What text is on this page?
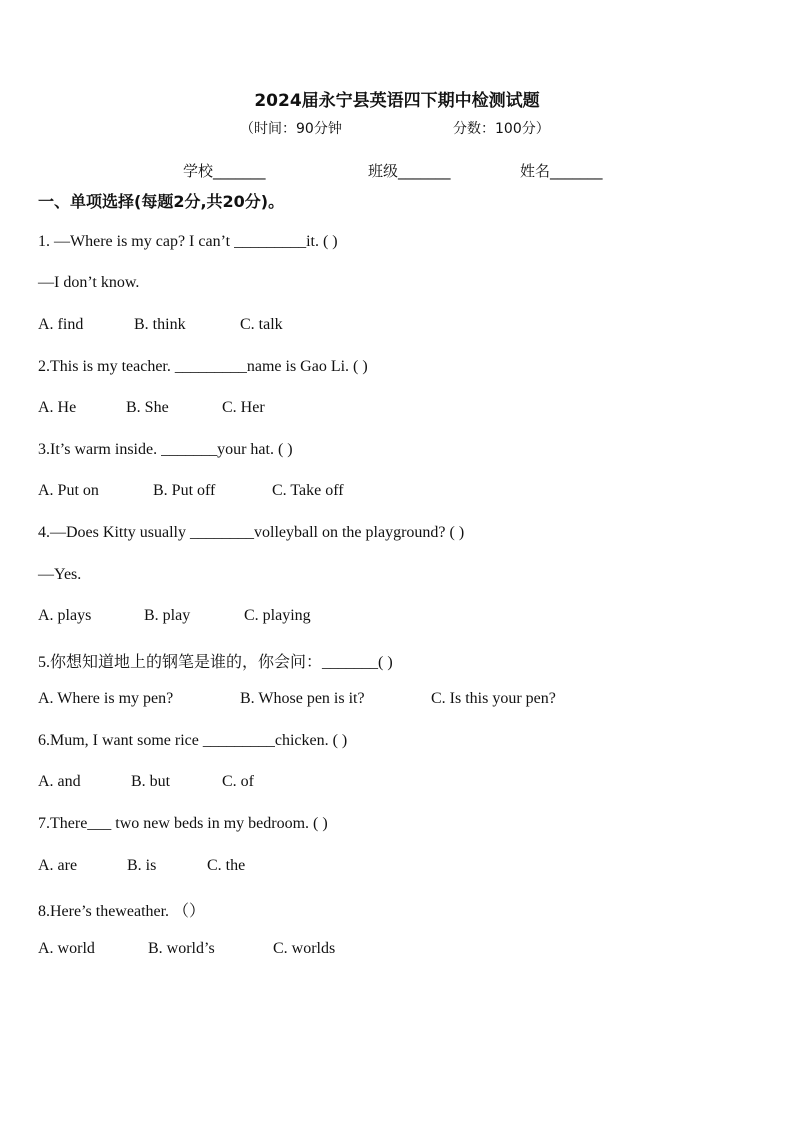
2024届永宁县英语四下期中检测试题
（时间：90分钟	分数：100分）
学校_______	班级_______	姓名_______
一、单项选择(每题2分,共20分)。
1. —Where is my cap? I can’t _________it. ( )
—I don’t know.
A. find	B. think	C. talk
2.This is my teacher. _________name is Gao Li. ( )
A. He	B. She	C. Her
3.It’s warm inside. _______your hat. ( )
A. Put on	B. Put off	C. Take off
4.—Does Kitty usually ________volleyball on the playground? ( )
—Yes.
A. plays	B. play	C. playing
5.你想知道地上的钢笔是谁的，你会问：_______( )
A. Where is my pen?	B. Whose pen is it?	C. Is this your pen?
6.Mum, I want some rice _________chicken. ( )
A. and	B. but	C. of
7.There___ two new beds in my bedroom. ( )
A. are	B. is	C. the
8.Here’s theweather. （）
A. world	B. world’s	C. worlds
